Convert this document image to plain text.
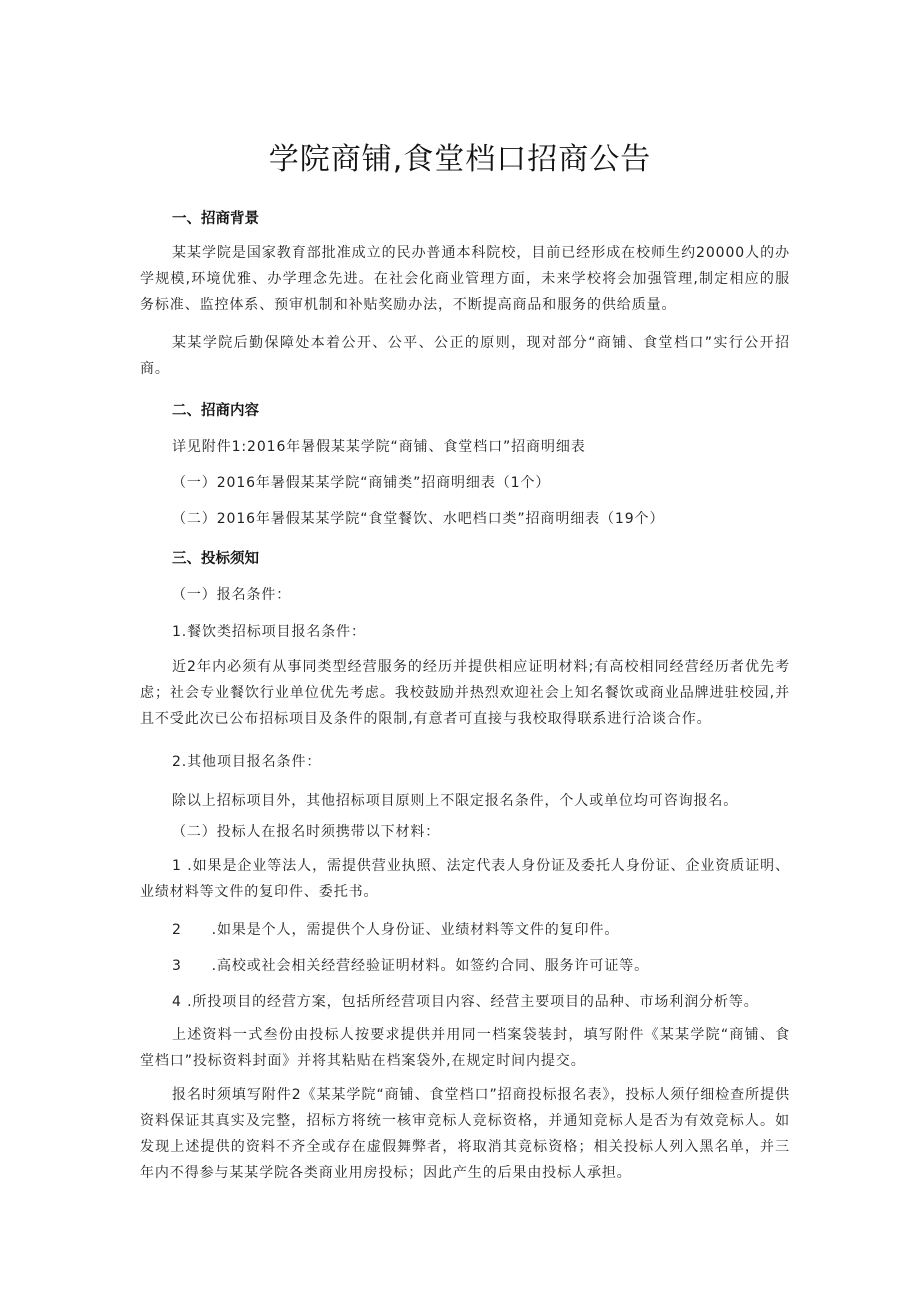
学院商铺,食堂档口招商公告
一、招商背景

某某学院是国家教育部批准成立的民办普通本科院校，目前已经形成在校师生约20000人的办学规模,环境优雅、办学理念先进。在社会化商业管理方面，未来学校将会加强管理,制定相应的服务标准、监控体系、预审机制和补贴奖励办法，不断提高商品和服务的供给质量。

某某学院后勤保障处本着公开、公平、公正的原则，现对部分“商铺、食堂档口”实行公开招商。

二、招商内容
详见附件1:2016年暑假某某学院“商铺、食堂档口”招商明细表
（一）2016年暑假某某学院“商铺类”招商明细表（1个）
（二）2016年暑假某某学院“食堂餐饮、水吧档口类”招商明细表（19个）
三、投标须知
（一）报名条件：
1.餐饮类招标项目报名条件：

近2年内必须有从事同类型经营服务的经历并提供相应证明材料;有高校相同经营经历者优先考虑；社会专业餐饮行业单位优先考虑。我校鼓励并热烈欢迎社会上知名餐饮或商业品牌进驻校园,并且不受此次已公布招标项目及条件的限制,有意者可直接与我校取得联系进行洽谈合作。

2.其他项目报名条件：
除以上招标项目外，其他招标项目原则上不限定报名条件，个人或单位均可咨询报名。
（二）投标人在报名时须携带以下材料：

1 .如果是企业等法人，需提供营业执照、法定代表人身份证及委托人身份证、企业资质证明、业绩材料等文件的复印件、委托书。

2  .如果是个人，需提供个人身份证、业绩材料等文件的复印件。
3  .高校或社会相关经营经验证明材料。如签约合同、服务许可证等。
4 .所投项目的经营方案，包括所经营项目内容、经营主要项目的品种、市场利润分析等。

上述资料一式叁份由投标人按要求提供并用同一档案袋装封，填写附件《某某学院“商铺、食堂档口”投标资料封面》并将其粘贴在档案袋外,在规定时间内提交。

报名时须填写附件2《某某学院“商铺、食堂档口”招商投标报名表》，投标人须仔细检查所提供资料保证其真实及完整，招标方将统一核审竞标人竞标资格，并通知竞标人是否为有效竞标人。如发现上述提供的资料不齐全或存在虚假舞弊者，将取消其竞标资格；相关投标人列入黑名单，并三年内不得参与某某学院各类商业用房投标；因此产生的后果由投标人承担。
